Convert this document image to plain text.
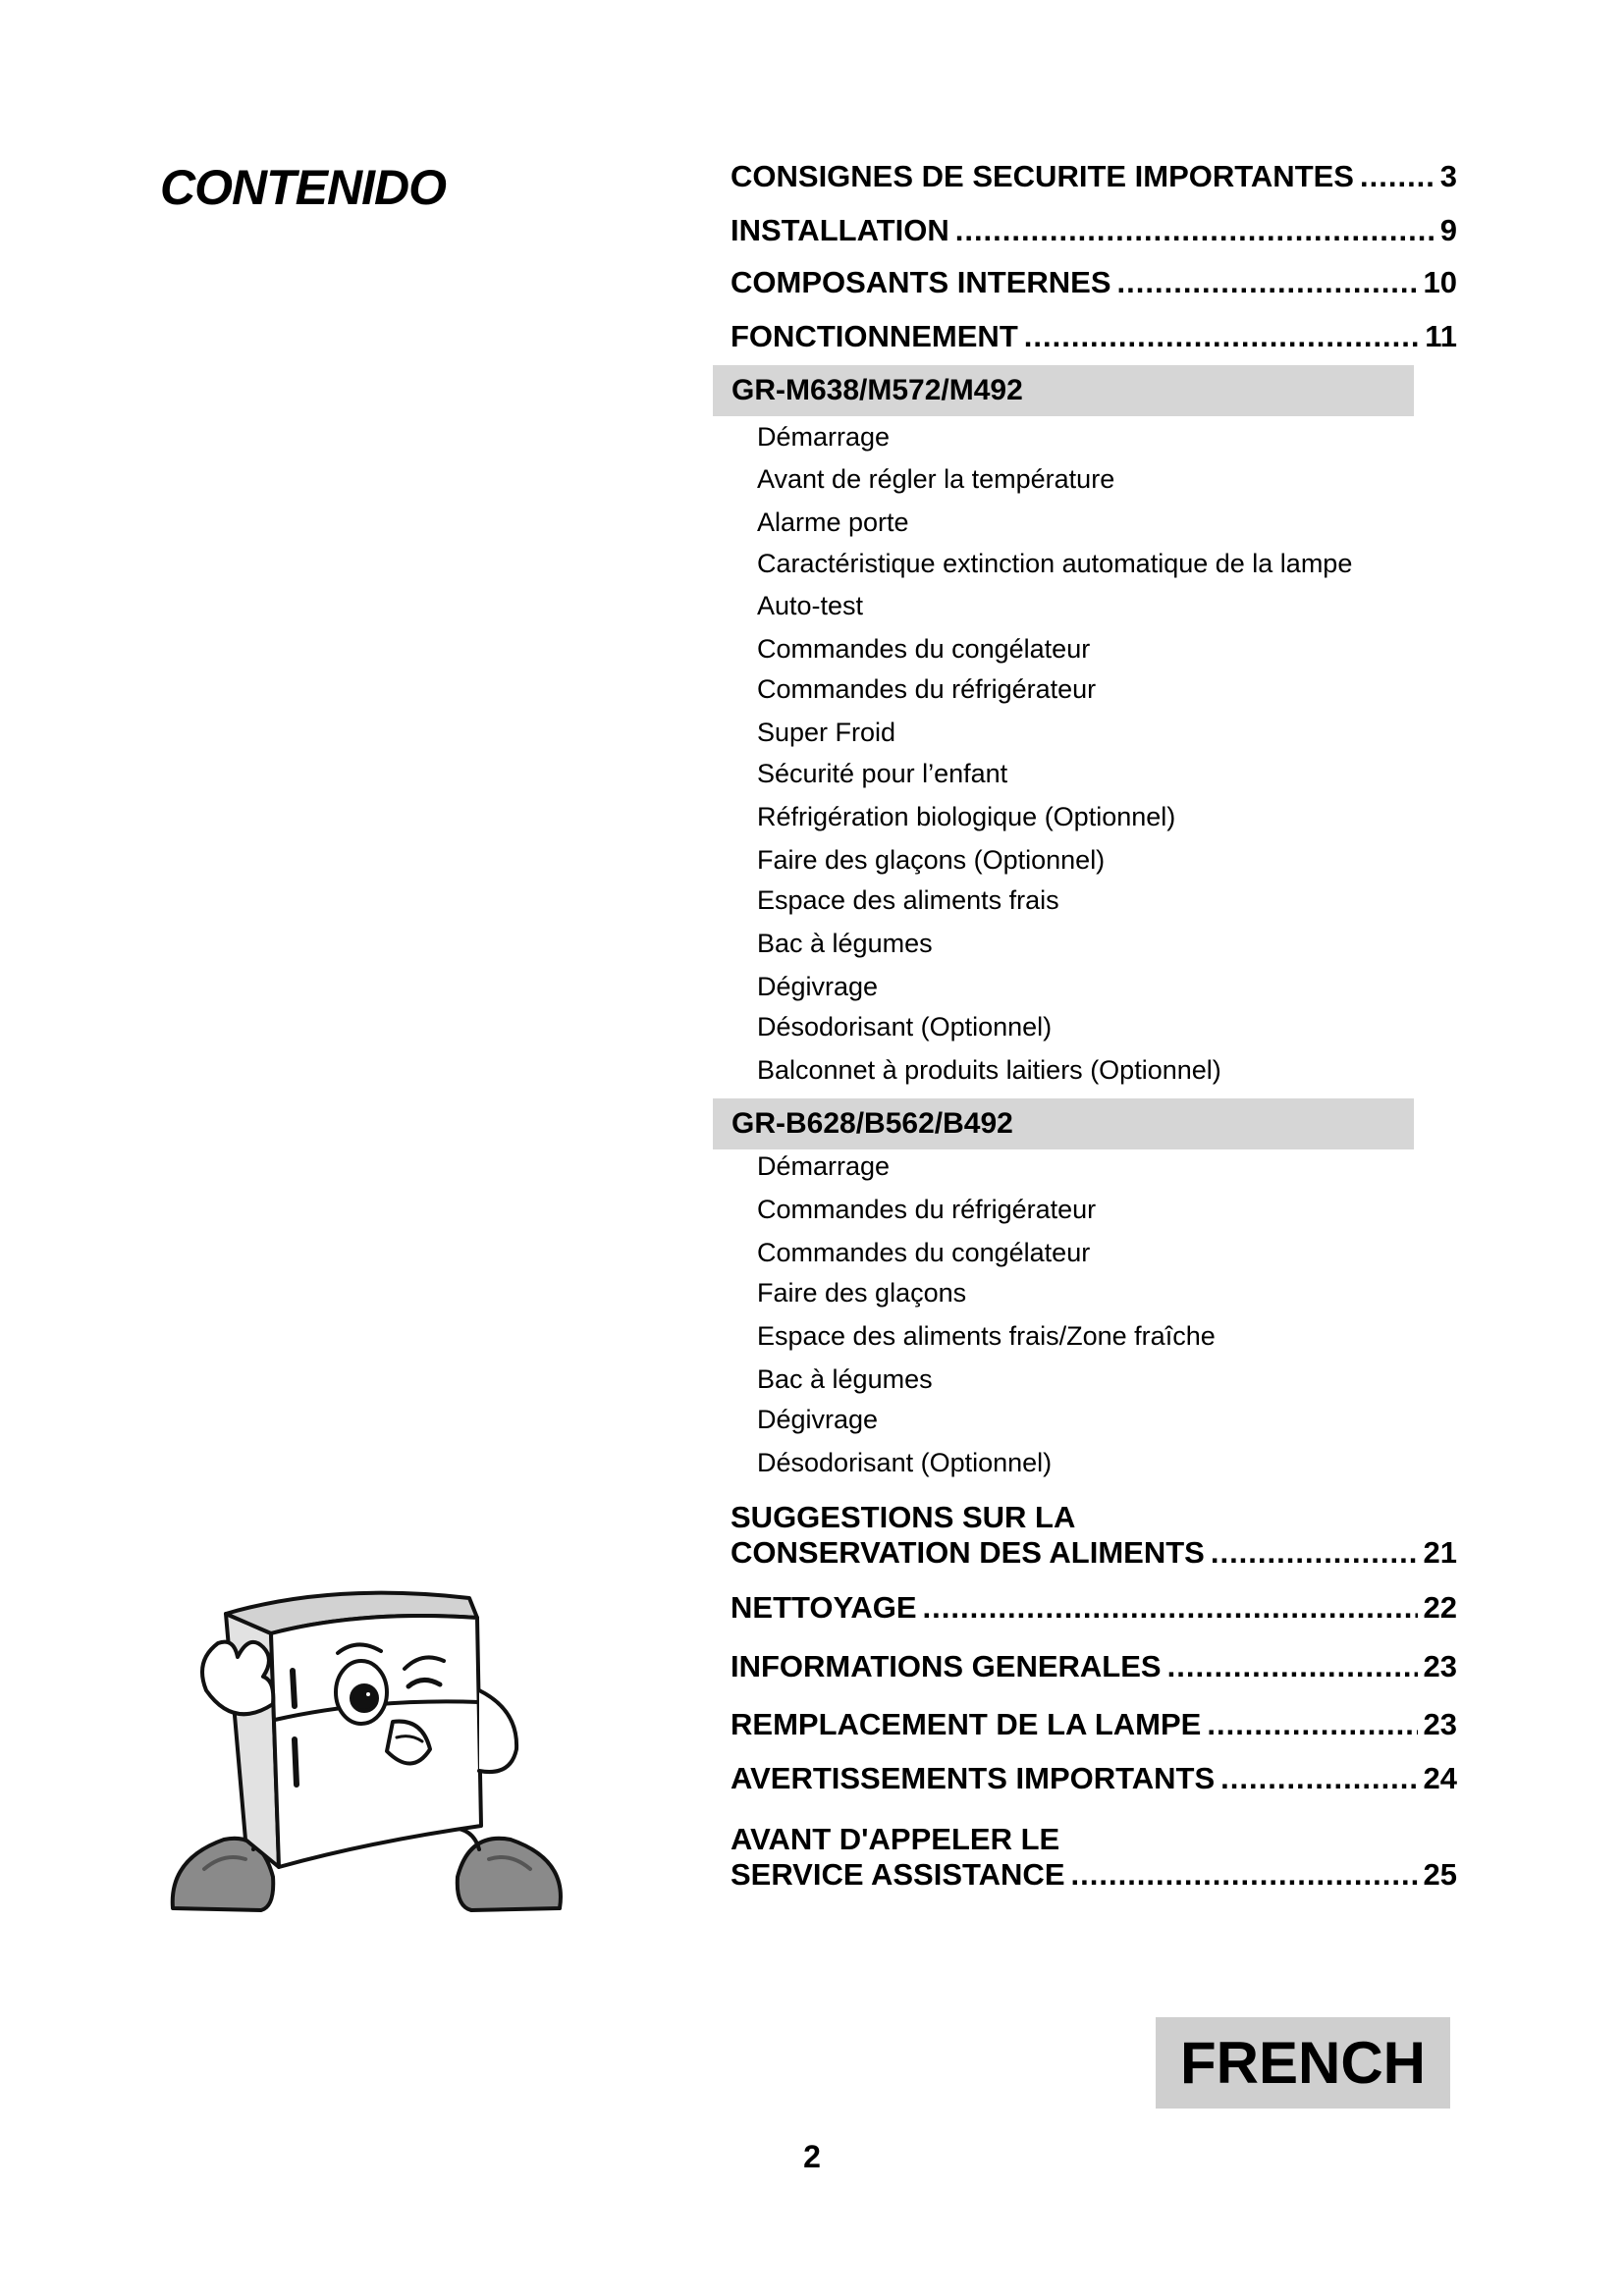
CONTENIDO	CONSIGNES DE SECURITE IMPORTANTES .....	3
INSTALLATION .....	9
COMPOSANTS INTERNES .....	10
FONCTIONNEMENT .....	11
GR-M638/M572/M492
Démarrage
Avant de régler la température
Alarme porte
Caractéristique extinction automatique de la lampe
Auto-test
Commandes du congélateur
Commandes du réfrigérateur
Super Froid
Sécurité pour l’enfant
Réfrigération biologique (Optionnel)
Faire des glaçons (Optionnel)
Espace des aliments frais
Bac à légumes
Dégivrage
Désodorisant (Optionnel)
Balconnet à produits laitiers (Optionnel)
GR-B628/B562/B492
Démarrage
Commandes du réfrigérateur
Commandes du congélateur
Faire des glaçons
Espace des aliments frais/Zone fraîche
Bac à légumes
Dégivrage
Désodorisant (Optionnel)
SUGGESTIONS SUR LA
CONSERVATION DES ALIMENTS .....	21
NETTOYAGE .....	22
INFORMATIONS GENERALES .....	23
REMPLACEMENT DE LA LAMPE .....	23
AVERTISSEMENTS IMPORTANTS .....	24
AVANT D'APPELER LE
SERVICE ASSISTANCE .....	25
FRENCH
2
